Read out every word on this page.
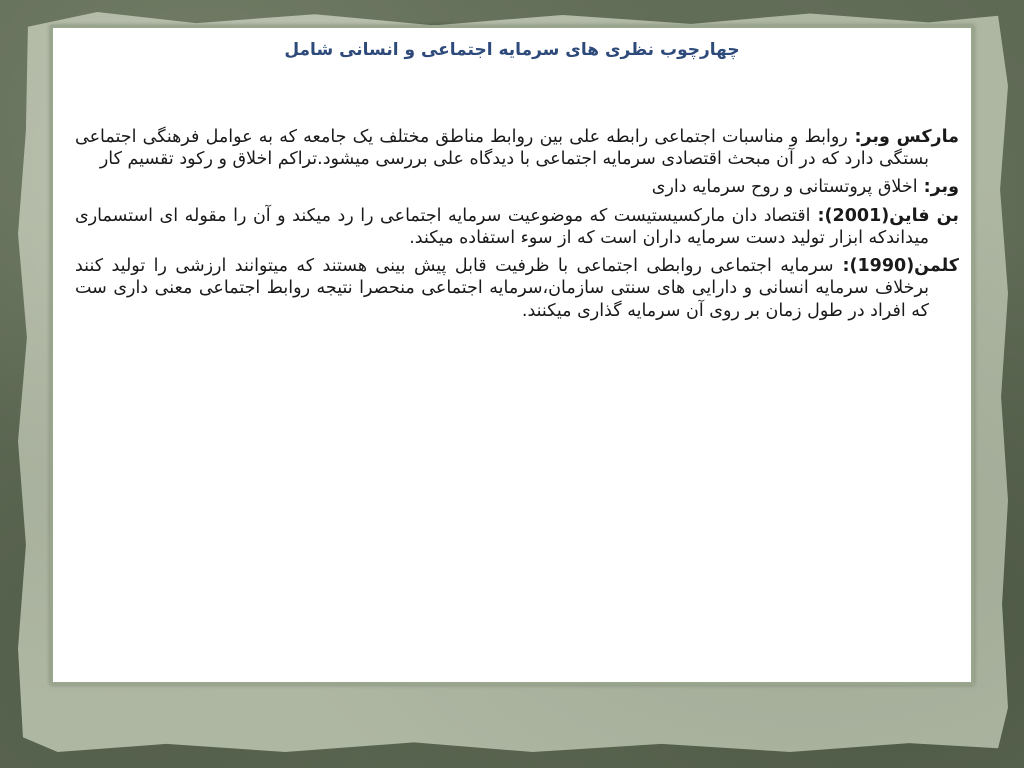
چهارچوب نظری های سرمایه اجتماعی و انسانی شامل

مارکس وبر: روابط و مناسبات اجتماعی رابطه علی بین روابط مناطق مختلف یک جامعه که به عوامل فرهنگی اجتماعی بستگی دارد که در آن مبحث اقتصادی سرمایه اجتماعی با دیدگاه علی بررسی میشود.تراکم اخلاق و رکود تقسیم کار

وبر: اخلاق پروتستانی و روح سرمایه داری

بن فاین(2001): اقتصاد دان مارکسیستیست که موضوعیت سرمایه اجتماعی را رد میکند و آن را مقوله ای استسماری میداندکه ابزار تولید دست سرمایه داران است که از سوء استفاده میکند.

کلمن(1990): سرمایه اجتماعی روابطی اجتماعی با ظرفیت قابل پیش بینی هستند که میتوانند ارزشی را تولید کنند برخلاف سرمایه انسانی و دارایی های سنتی سازمان،سرمایه اجتماعی منحصرا نتیجه روابط اجتماعی معنی داری ست که افراد در طول زمان بر روی آن سرمایه گذاری میکنند.
